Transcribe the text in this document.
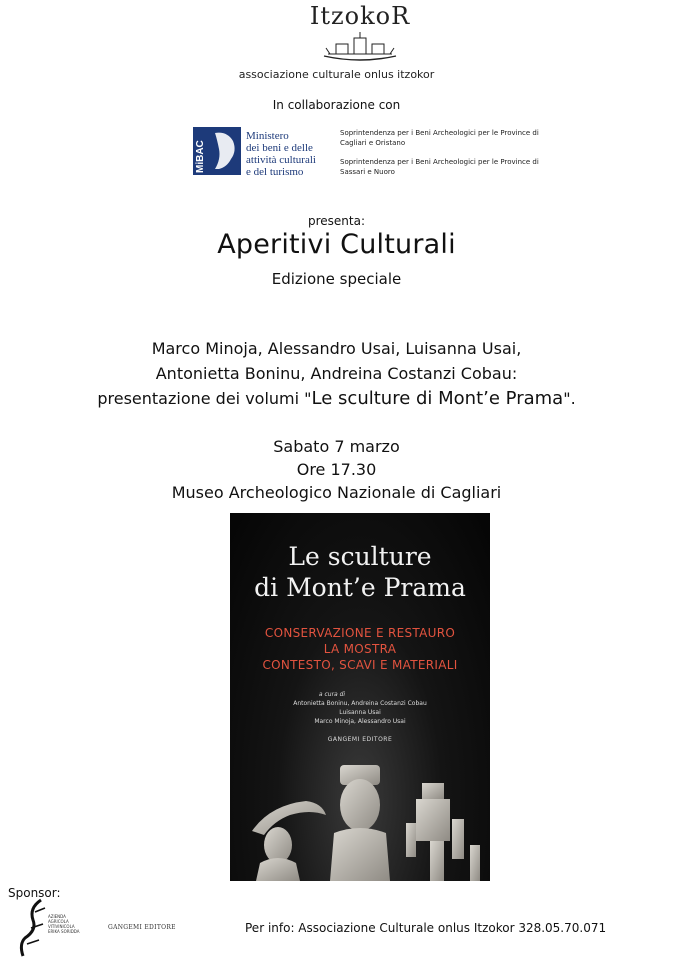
ItzokoR
associazione culturale onlus itzokor
In collaborazione con
MiBAC
Ministero
dei beni e delle
attività culturali
e del turismo
Soprintendenza per i Beni Archeologici per le Province di Cagliari e Oristano
Soprintendenza per i Beni Archeologici per le Province di Sassari e Nuoro
presenta:
Aperitivi Culturali
Edizione speciale
Marco Minoja, Alessandro Usai, Luisanna Usai,
Antonietta Boninu, Andreina Costanzi Cobau:
presentazione dei volumi "Le sculture di Mont’e Prama".
Sabato 7 marzo
Ore 17.30
Museo Archeologico Nazionale di Cagliari
Le sculture
di Mont’e Prama
CONSERVAZIONE E RESTAURO
LA MOSTRA
CONTESTO, SCAVI E MATERIALI
a cura di
Antonietta Boninu, Andreina Costanzi Cobau
Luisanna Usai
Marco Minoja, Alessandro Usai
GANGEMI EDITORE
Sponsor:
AZIENDA
AGRICOLA
VITIVINICOLA
ERIKA SORIDDA
GANGEMI EDITORE	Per info: Associazione Culturale onlus Itzokor 328.05.70.071
